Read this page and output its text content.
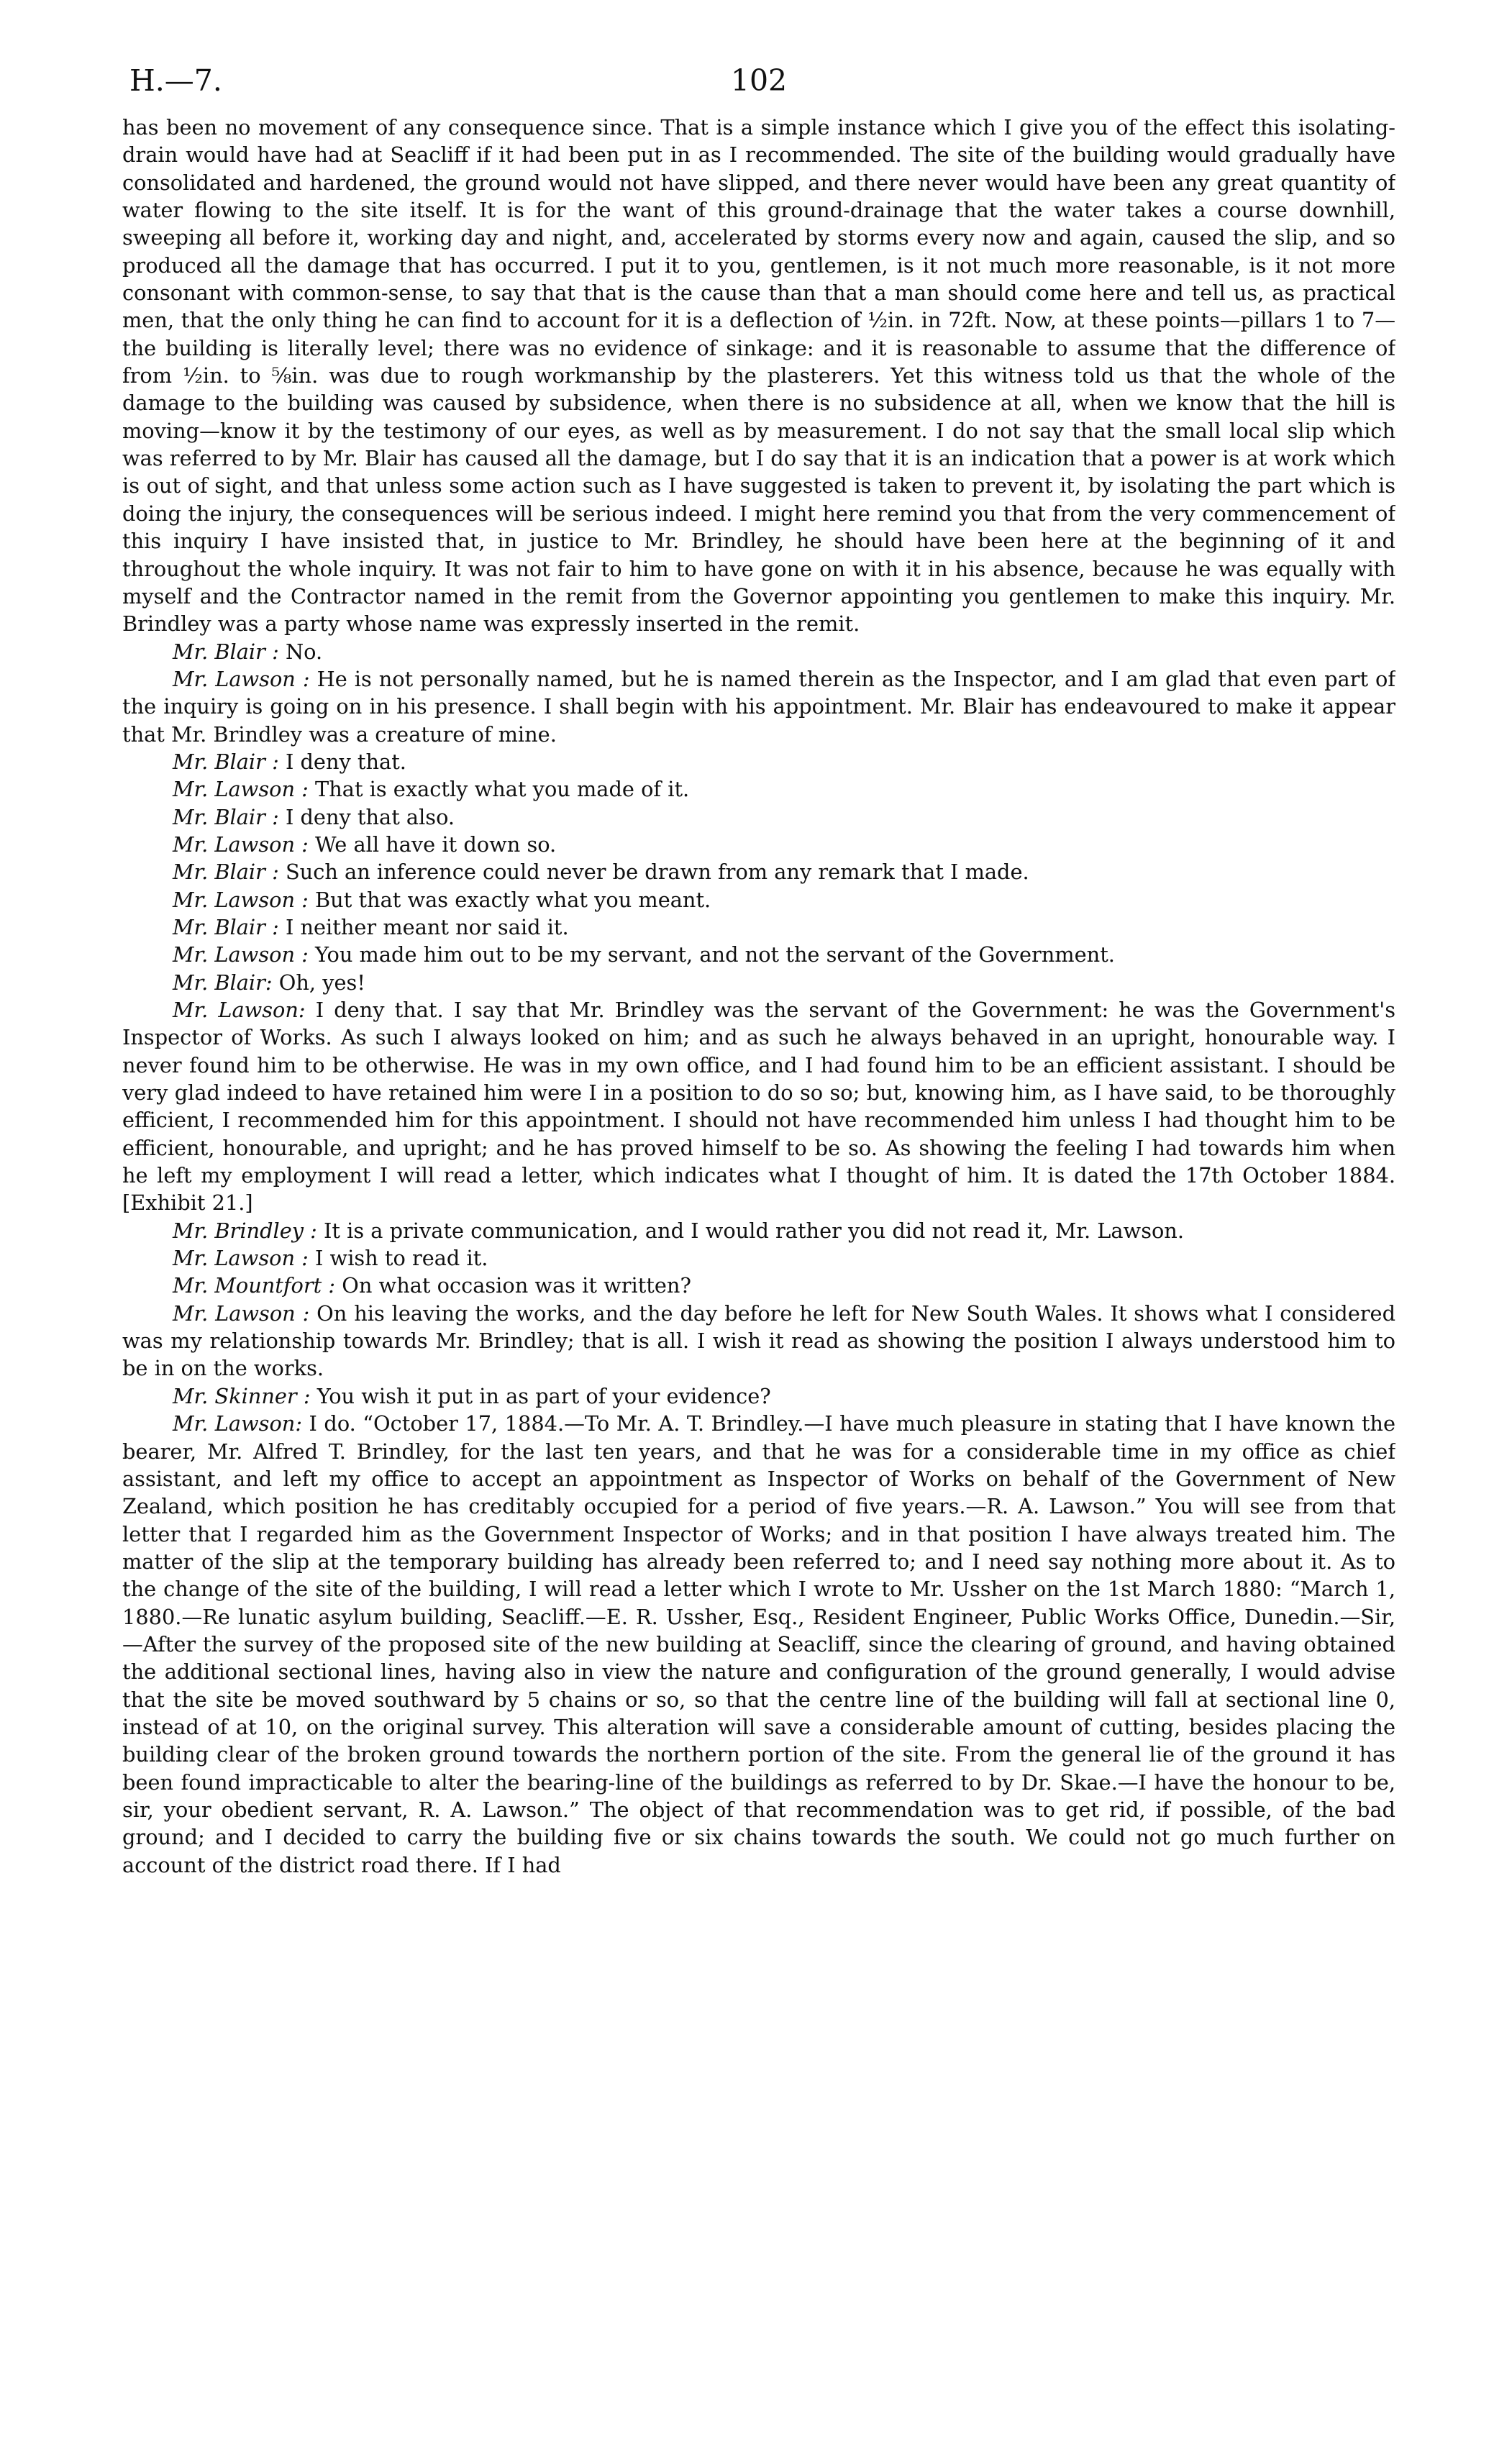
H.—7.	102

has been no movement of any consequence since. That is a simple instance which I give you of the effect this isolating-drain would have had at Seacliff if it had been put in as I recommended. The site of the building would gradually have consolidated and hardened, the ground would not have slipped, and there never would have been any great quantity of water flowing to the site itself. It is for the want of this ground-drainage that the water takes a course downhill, sweeping all before it, working day and night, and, accelerated by storms every now and again, caused the slip, and so produced all the damage that has occurred. I put it to you, gentlemen, is it not much more reasonable, is it not more consonant with common-sense, to say that that is the cause than that a man should come here and tell us, as practical men, that the only thing he can find to account for it is a deflection of ½in. in 72ft. Now, at these points—pillars 1 to 7—the building is literally level; there was no evidence of sinkage: and it is reasonable to assume that the difference of from ½in. to ⅝in. was due to rough workmanship by the plasterers. Yet this witness told us that the whole of the damage to the building was caused by subsidence, when there is no subsidence at all, when we know that the hill is moving—know it by the testimony of our eyes, as well as by measurement. I do not say that the small local slip which was referred to by Mr. Blair has caused all the damage, but I do say that it is an indication that a power is at work which is out of sight, and that unless some action such as I have suggested is taken to prevent it, by isolating the part which is doing the injury, the consequences will be serious indeed. I might here remind you that from the very commencement of this inquiry I have insisted that, in justice to Mr. Brindley, he should have been here at the beginning of it and throughout the whole inquiry. It was not fair to him to have gone on with it in his absence, because he was equally with myself and the Contractor named in the remit from the Governor appointing you gentlemen to make this inquiry. Mr. Brindley was a party whose name was expressly inserted in the remit.

Mr. Blair : No.

Mr. Lawson : He is not personally named, but he is named therein as the Inspector, and I am glad that even part of the inquiry is going on in his presence. I shall begin with his appointment. Mr. Blair has endeavoured to make it appear that Mr. Brindley was a creature of mine.

Mr. Blair : I deny that.

Mr. Lawson : That is exactly what you made of it.

Mr. Blair : I deny that also.

Mr. Lawson : We all have it down so.

Mr. Blair : Such an inference could never be drawn from any remark that I made.

Mr. Lawson : But that was exactly what you meant.

Mr. Blair : I neither meant nor said it.

Mr. Lawson : You made him out to be my servant, and not the servant of the Government.

Mr. Blair: Oh, yes!

Mr. Lawson: I deny that. I say that Mr. Brindley was the servant of the Government: he was the Government's Inspector of Works. As such I always looked on him; and as such he always behaved in an upright, honourable way. I never found him to be otherwise. He was in my own office, and I had found him to be an efficient assistant. I should be very glad indeed to have retained him were I in a position to do so so; but, knowing him, as I have said, to be thoroughly efficient, I recommended him for this appointment. I should not have recommended him unless I had thought him to be efficient, honourable, and upright; and he has proved himself to be so. As showing the feeling I had towards him when he left my employment I will read a letter, which indicates what I thought of him. It is dated the 17th October 1884. [Exhibit 21.]

Mr. Brindley : It is a private communication, and I would rather you did not read it, Mr. Lawson.

Mr. Lawson : I wish to read it.

Mr. Mountfort : On what occasion was it written?

Mr. Lawson : On his leaving the works, and the day before he left for New South Wales. It shows what I considered was my relationship towards Mr. Brindley; that is all. I wish it read as showing the position I always understood him to be in on the works.

Mr. Skinner : You wish it put in as part of your evidence?

Mr. Lawson: I do. “October 17, 1884.—To Mr. A. T. Brindley.—I have much pleasure in stating that I have known the bearer, Mr. Alfred T. Brindley, for the last ten years, and that he was for a considerable time in my office as chief assistant, and left my office to accept an appointment as Inspector of Works on behalf of the Government of New Zealand, which position he has creditably occupied for a period of five years.—R. A. Lawson.” You will see from that letter that I regarded him as the Government Inspector of Works; and in that position I have always treated him. The matter of the slip at the temporary building has already been referred to; and I need say nothing more about it. As to the change of the site of the building, I will read a letter which I wrote to Mr. Ussher on the 1st March 1880: “March 1, 1880.—Re lunatic asylum building, Seacliff.—E. R. Ussher, Esq., Resident Engineer, Public Works Office, Dunedin.—Sir,—After the survey of the proposed site of the new building at Seacliff, since the clearing of ground, and having obtained the additional sectional lines, having also in view the nature and configuration of the ground generally, I would advise that the site be moved southward by 5 chains or so, so that the centre line of the building will fall at sectional line 0, instead of at 10, on the original survey. This alteration will save a considerable amount of cutting, besides placing the building clear of the broken ground towards the northern portion of the site. From the general lie of the ground it has been found impracticable to alter the bearing-line of the buildings as referred to by Dr. Skae.—I have the honour to be, sir, your obedient servant, R. A. Lawson.” The object of that recommendation was to get rid, if possible, of the bad ground; and I decided to carry the building five or six chains towards the south. We could not go much further on account of the district road there. If I had
